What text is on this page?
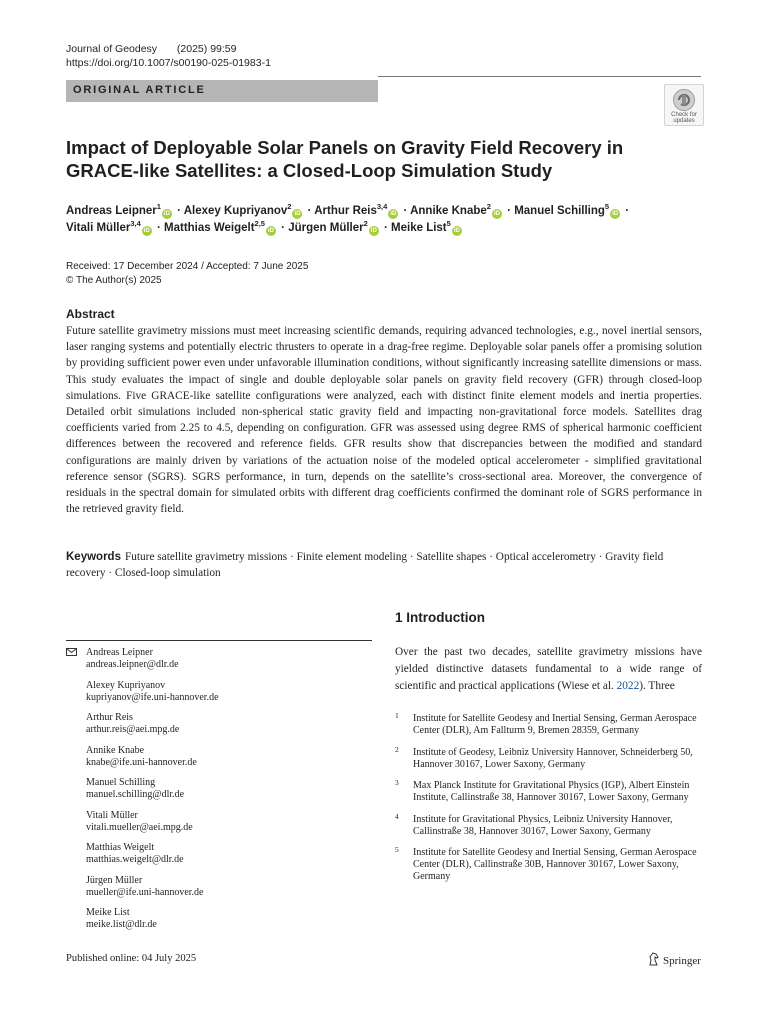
Journal of Geodesy (2025) 99:59
https://doi.org/10.1007/s00190-025-01983-1
ORIGINAL ARTICLE
Check for
updates
Impact of Deployable Solar Panels on Gravity Field Recovery in GRACE-like Satellites: a Closed-Loop Simulation Study
Andreas Leipner$^1$iD · Alexey Kupriyanov$^2$iD · Arthur Reis$^{3,4}$iD · Annike Knabe$^2$iD · Manuel Schilling$^5$iD ·
Vitali Müller$^{3,4}$iD · Matthias Weigelt$^{2,5}$iD · Jürgen Müller$^2$iD · Meike List$^5$iD
Received: 17 December 2024 / Accepted: 7 June 2025
© The Author(s) 2025
Abstract
Future satellite gravimetry missions must meet increasing scientific demands, requiring advanced technologies, e.g., novel inertial sensors, laser ranging systems and potentially electric thrusters to operate in a drag-free regime. Deployable solar panels offer a promising solution by providing sufficient power even under unfavorable illumination conditions, without significantly increasing satellite dimensions or mass. This study evaluates the impact of single and double deployable solar panels on gravity field recovery (GFR) through closed-loop simulations. Five GRACE-like satellite configurations were analyzed, each with distinct finite element models and inertia properties. Detailed orbit simulations included non-spherical static gravity field and impacting non-gravitational force models. Satellites drag coefficients varied from 2.25 to 4.5, depending on configuration. GFR was assessed using degree RMS of spherical harmonic coefficient differences between the recovered and reference fields. GFR results show that discrepancies between the modified and standard configurations are mainly driven by variations of the actuation noise of the modeled optical accelerometer - simplified gravitational reference sensor (SGRS). SGRS performance, in turn, depends on the satellite’s cross-sectional area. Moreover, the convergence of residuals in the spectral domain for simulated orbits with different drag coefficients confirmed the dominant role of SGRS performance in the retrieved gravity field.
Keywords Future satellite gravimetry missions · Finite element modeling · Satellite shapes · Optical accelerometry · Gravity field recovery · Closed-loop simulation
1 Introduction
Over the past two decades, satellite gravimetry missions have yielded distinctive datasets fundamental to a wide range of scientific and practical applications (Wiese et al. 2022). Three
Andreas Leipner
andreas.leipner@dlr.de
Alexey Kupriyanov
kupriyanov@ife.uni-hannover.de
Arthur Reis
arthur.reis@aei.mpg.de
Annike Knabe
knabe@ife.uni-hannover.de
Manuel Schilling
manuel.schilling@dlr.de
Vitali Müller
vitali.mueller@aei.mpg.de
Matthias Weigelt
matthias.weigelt@dlr.de
Jürgen Müller
mueller@ife.uni-hannover.de
Meike List
meike.list@dlr.de
1 Institute for Satellite Geodesy and Inertial Sensing, German Aerospace Center (DLR), Am Fallturm 9, Bremen 28359, Germany
2 Institute of Geodesy, Leibniz University Hannover, Schneiderberg 50, Hannover 30167, Lower Saxony, Germany
3 Max Planck Institute for Gravitational Physics (IGP), Albert Einstein Institute, Callinstraße 38, Hannover 30167, Lower Saxony, Germany
4 Institute for Gravitational Physics, Leibniz University Hannover, Callinstraße 38, Hannover 30167, Lower Saxony, Germany
5 Institute for Satellite Geodesy and Inertial Sensing, German Aerospace Center (DLR), Callinstraße 30B, Hannover 30167, Lower Saxony, Germany
Published online: 04 July 2025	Springer
